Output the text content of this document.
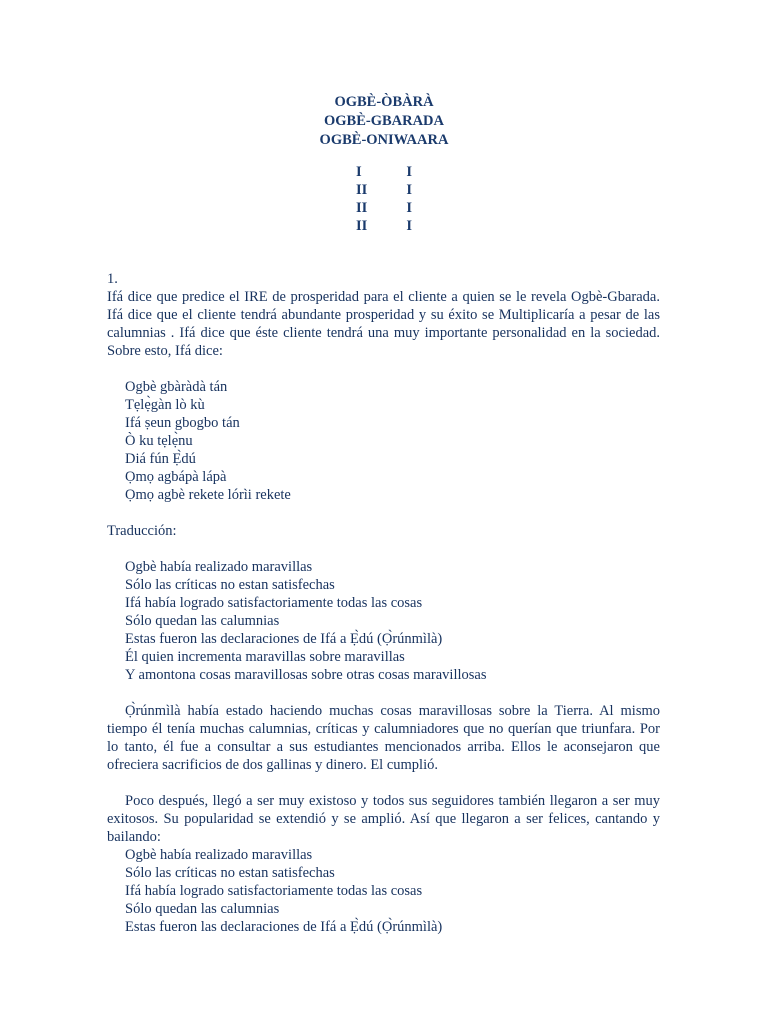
OGBÈ-ÒBÀRÀ
OGBÈ-GBARADA
OGBÈ-ONIWAARA
I	I
II	I
II	I
II	I
1.

Ifá dice que predice el IRE de prosperidad para el cliente a quien se le revela Ogbè-Gbarada. Ifá dice que el cliente tendrá abundante prosperidad y su éxito se Multiplicaría a pesar de las calumnias . Ifá dice que éste cliente tendrá una muy importante personalidad en la sociedad. Sobre esto, Ifá dice:

Ogbè gbàràdà tán
Tẹlẹ̀gàn lò kù
Ifá ṣeun gbogbo tán
Ò ku tẹlẹ̀nu
Diá fún Ẹ̀dú
Ọmọ agbápà lápà
Ọmọ agbè rekete lórìi rekete
Traducción:
Ogbè había realizado maravillas
Sólo las críticas no estan satisfechas
Ifá había logrado satisfactoriamente todas las cosas
Sólo quedan las calumnias
Estas fueron las declaraciones de Ifá a Ẹ̀dú (Ọ̀rúnmìlà)
Él quien incrementa maravillas sobre maravillas
Y amontona cosas maravillosas sobre otras cosas maravillosas

Ọ̀rúnmìlà había estado haciendo muchas cosas maravillosas sobre la Tierra. Al mismo tiempo él tenía muchas calumnias, críticas y calumniadores que no querían que triunfara. Por lo tanto, él fue a consultar a sus estudiantes mencionados arriba. Ellos le aconsejaron que ofreciera sacrificios de dos gallinas y dinero. El cumplió.

Poco después, llegó a ser muy existoso y todos sus seguidores también llegaron a ser muy exitosos. Su popularidad se extendió y se amplió. Así que llegaron a ser felices, cantando y bailando:

Ogbè había realizado maravillas
Sólo las críticas no estan satisfechas
Ifá había logrado satisfactoriamente todas las cosas
Sólo quedan las calumnias
Estas fueron las declaraciones de Ifá a Ẹ̀dú (Ọ̀rúnmìlà)
